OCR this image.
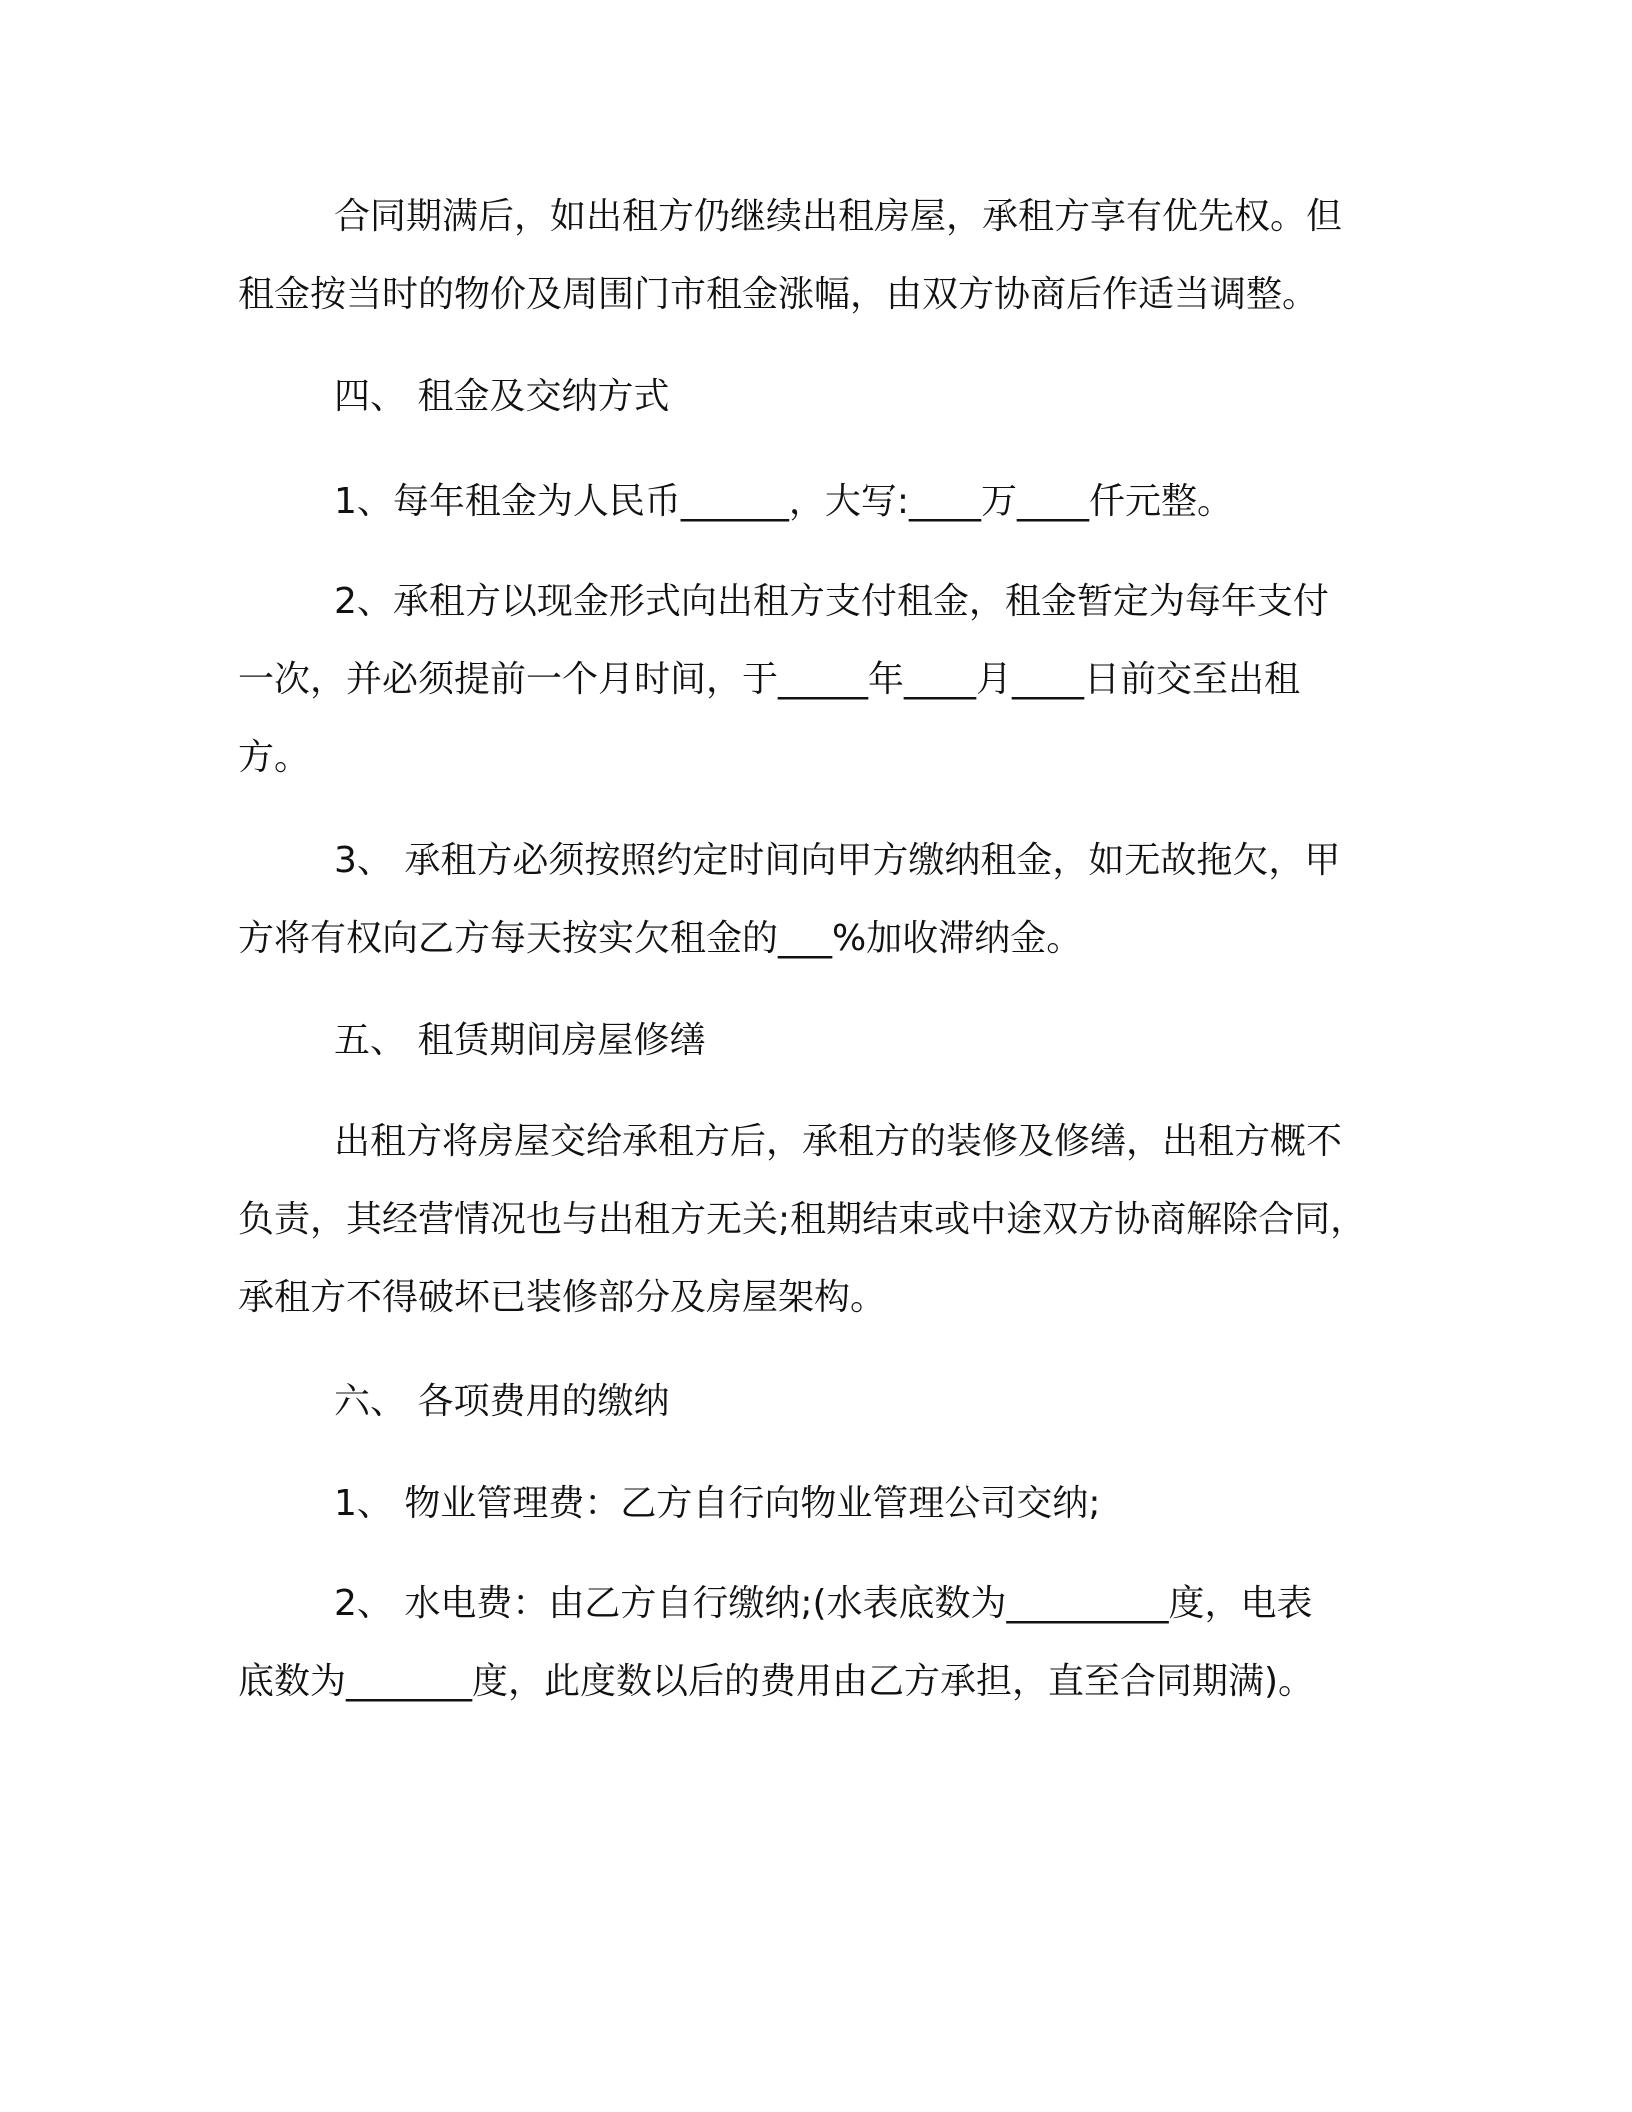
合同期满后，如出租方仍继续出租房屋，承租方享有优先权。但
租金按当时的物价及周围门市租金涨幅，由双方协商后作适当调整。
四、 租金及交纳方式
1、每年租金为人民币______，大写:____万____仟元整。
2、承租方以现金形式向出租方支付租金，租金暂定为每年支付
一次，并必须提前一个月时间，于_____年____月____日前交至出租
方。
3、 承租方必须按照约定时间向甲方缴纳租金，如无故拖欠，甲
方将有权向乙方每天按实欠租金的___%加收滞纳金。
五、 租赁期间房屋修缮
出租方将房屋交给承租方后，承租方的装修及修缮，出租方概不
负责，其经营情况也与出租方无关;租期结束或中途双方协商解除合同，
承租方不得破坏已装修部分及房屋架构。
六、 各项费用的缴纳
1、 物业管理费：乙方自行向物业管理公司交纳;
2、 水电费：由乙方自行缴纳;(水表底数为_________度，电表
底数为_______度，此度数以后的费用由乙方承担，直至合同期满)。
